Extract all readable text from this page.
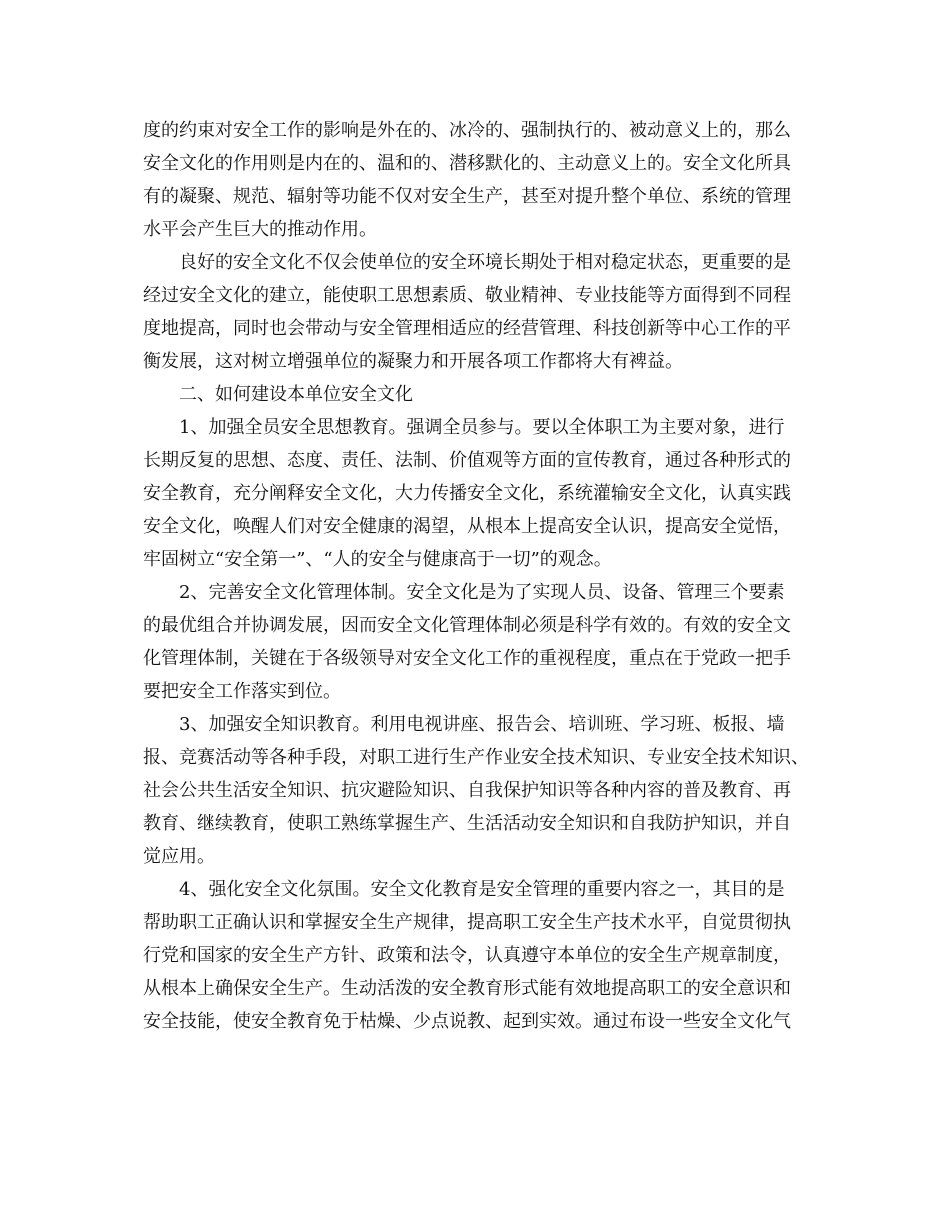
度的约束对安全工作的影响是外在的、冰冷的、强制执行的、被动意义上的，那么
安全文化的作用则是内在的、温和的、潜移默化的、主动意义上的。安全文化所具
有的凝聚、规范、辐射等功能不仅对安全生产，甚至对提升整个单位、系统的管理
水平会产生巨大的推动作用。
良好的安全文化不仅会使单位的安全环境长期处于相对稳定状态，更重要的是
经过安全文化的建立，能使职工思想素质、敬业精神、专业技能等方面得到不同程
度地提高，同时也会带动与安全管理相适应的经营管理、科技创新等中心工作的平
衡发展，这对树立增强单位的凝聚力和开展各项工作都将大有裨益。
二、如何建设本单位安全文化
1、加强全员安全思想教育。强调全员参与。要以全体职工为主要对象，进行
长期反复的思想、态度、责任、法制、价值观等方面的宣传教育，通过各种形式的
安全教育，充分阐释安全文化，大力传播安全文化，系统灌输安全文化，认真实践
安全文化，唤醒人们对安全健康的渴望，从根本上提高安全认识，提高安全觉悟，
牢固树立“安全第一”、“人的安全与健康高于一切”的观念。
2、完善安全文化管理体制。安全文化是为了实现人员、设备、管理三个要素
的最优组合并协调发展，因而安全文化管理体制必须是科学有效的。有效的安全文
化管理体制，关键在于各级领导对安全文化工作的重视程度，重点在于党政一把手
要把安全工作落实到位。
3、加强安全知识教育。利用电视讲座、报告会、培训班、学习班、板报、墙
报、竞赛活动等各种手段，对职工进行生产作业安全技术知识、专业安全技术知识、
社会公共生活安全知识、抗灾避险知识、自我保护知识等各种内容的普及教育、再
教育、继续教育，使职工熟练掌握生产、生活活动安全知识和自我防护知识，并自
觉应用。
4、强化安全文化氛围。安全文化教育是安全管理的重要内容之一，其目的是
帮助职工正确认识和掌握安全生产规律，提高职工安全生产技术水平，自觉贯彻执
行党和国家的安全生产方针、政策和法令，认真遵守本单位的安全生产规章制度，
从根本上确保安全生产。生动活泼的安全教育形式能有效地提高职工的安全意识和
安全技能，使安全教育免于枯燥、少点说教、起到实效。通过布设一些安全文化气
